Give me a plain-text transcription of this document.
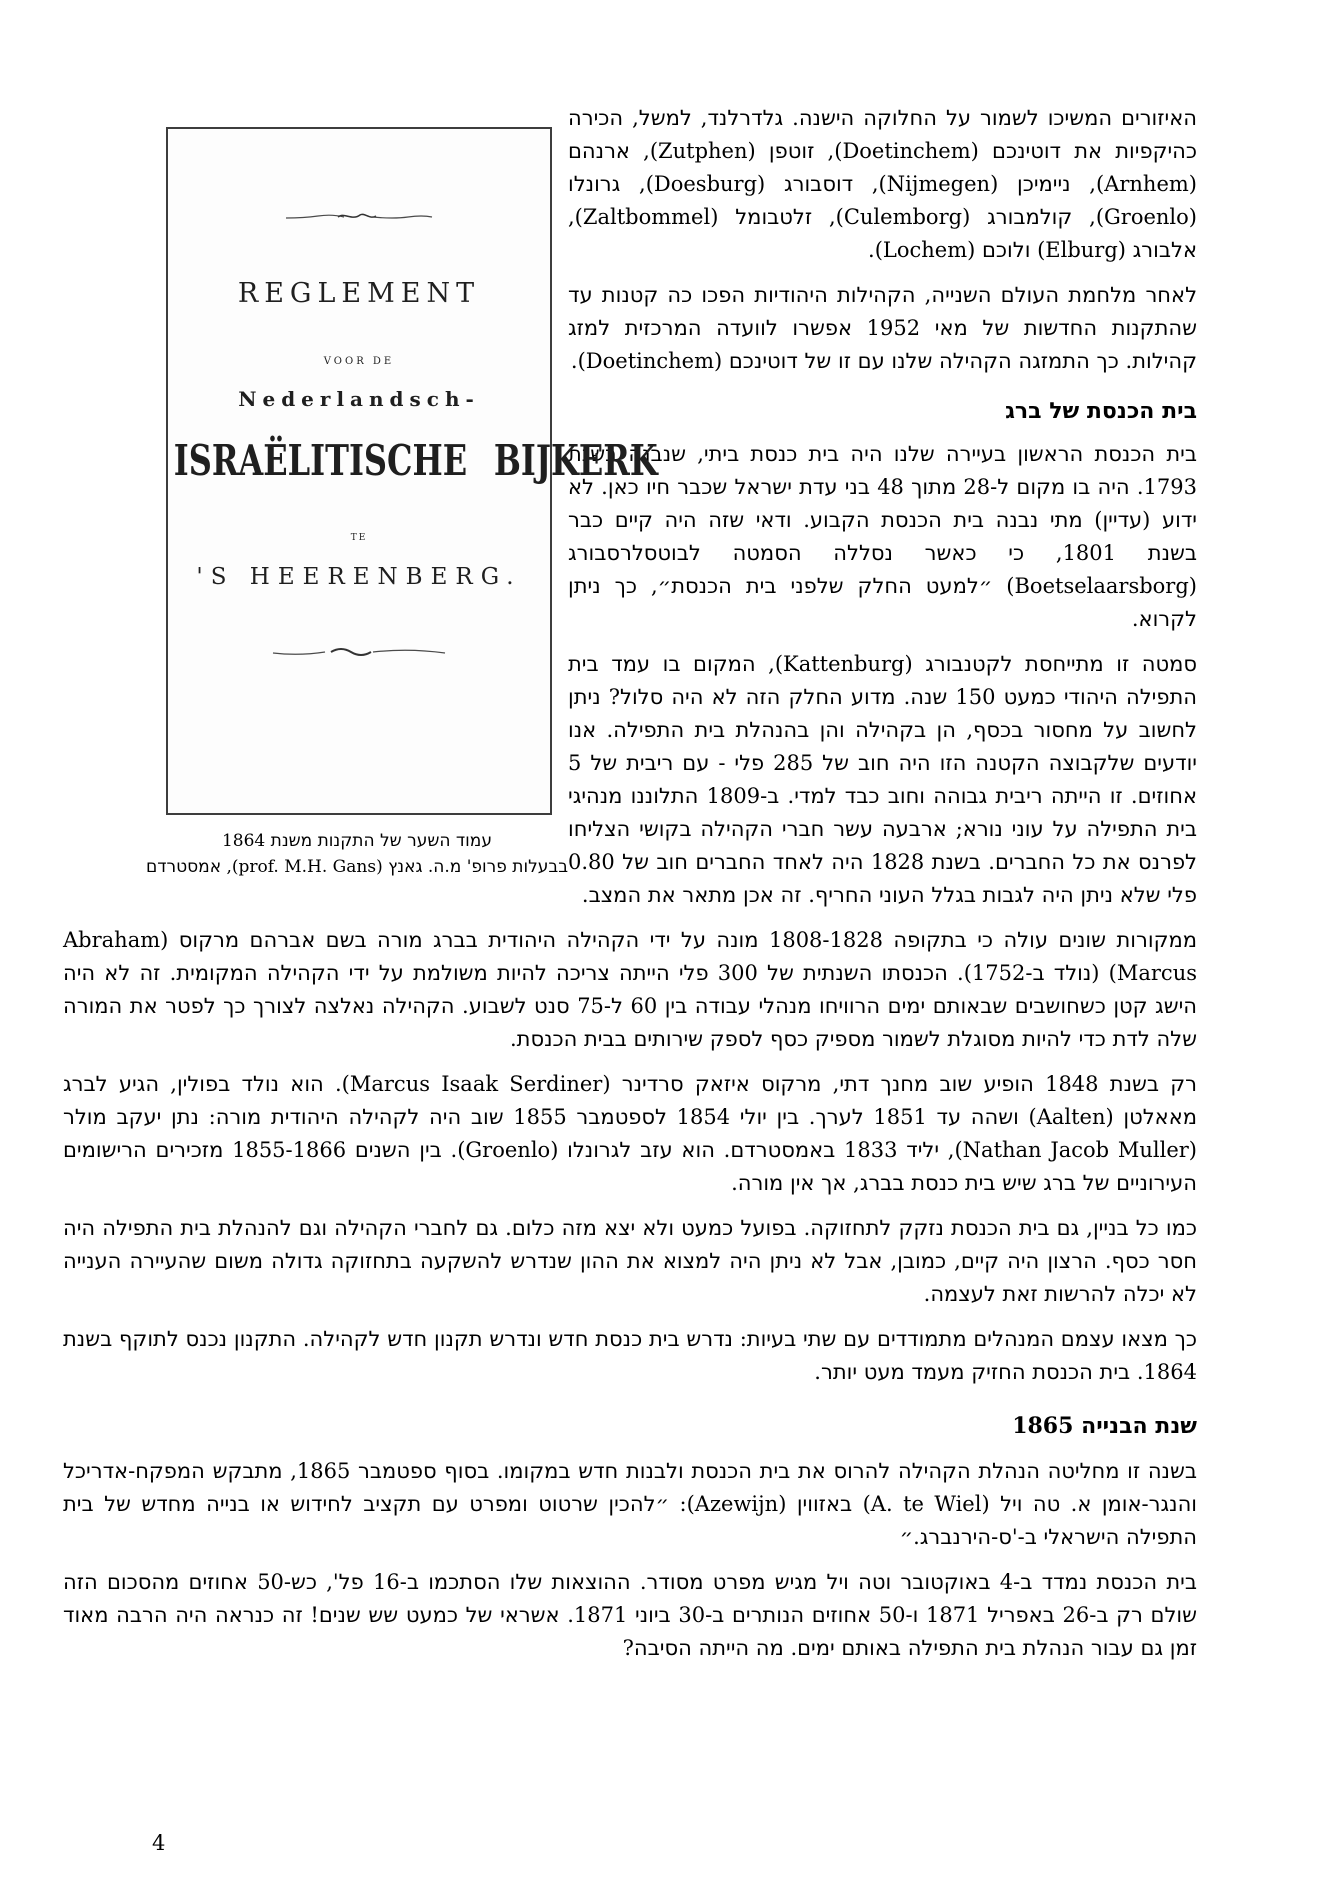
REGLEMENT
VOOR DE
Nederlandsch-
ISRAËLITISCHE BIJKERK
TE
'S HEERENBERG.
עמוד השער של התקנות משנת 1864
בבעלות פרופ' מ.ה. גאנץ (prof. M.H. Gans), אמסטרדם

האיזורים המשיכו לשמור על החלוקה הישנה. גלדרלנד, למשל, הכירה כהיקפיות את דוטינכם (Doetinchem), זוטפן (Zutphen), ארנהם (Arnhem), ניימיכן (Nijmegen), דוסבורג (Doesburg), גרונלו (Groenlo), קולמבורג (Culemborg), זלטבומל (Zaltbommel), אלבורג (Elburg) ולוכם (Lochem).

לאחר מלחמת העולם השנייה, הקהילות היהודיות הפכו כה קטנות עד שהתקנות החדשות של מאי 1952 אפשרו לוועדה המרכזית למזג קהילות. כך התמזגה הקהילה שלנו עם זו של דוטינכם (Doetinchem).

בית הכנסת של ברג

בית הכנסת הראשון בעיירה שלנו היה בית כנסת ביתי, שנבנה בשנת 1793. היה בו מקום ל-28 מתוך 48 בני עדת ישראל שכבר חיו כאן. לא ידוע (עדיין) מתי נבנה בית הכנסת הקבוע. ודאי שזה היה קיים כבר בשנת 1801, כי כאשר נסללה הסמטה לבוטסלרסבורג (Boetselaarsborg) ״למעט החלק שלפני בית הכנסת״, כך ניתן לקרוא.

סמטה זו מתייחסת לקטנבורג (Kattenburg), המקום בו עמד בית התפילה היהודי כמעט 150 שנה. מדוע החלק הזה לא היה סלול? ניתן לחשוב על מחסור בכסף, הן בקהילה והן בהנהלת בית התפילה. אנו יודעים שלקבוצה הקטנה הזו היה חוב של 285 פלי - עם ריבית של 5 אחוזים. זו הייתה ריבית גבוהה וחוב כבד למדי. ב-1809 התלוננו מנהיגי בית התפילה על עוני נורא; ארבעה עשר חברי הקהילה בקושי הצליחו לפרנס את כל החברים. בשנת 1828 היה לאחד החברים חוב של 0.80 פלי שלא ניתן היה לגבות בגלל העוני החריף. זה אכן מתאר את המצב.

ממקורות שונים עולה כי בתקופה 1808-1828 מונה על ידי הקהילה היהודית בברג מורה בשם אברהם מרקוס (Abraham Marcus) (נולד ב-1752). הכנסתו השנתית של 300 פלי הייתה צריכה להיות משולמת על ידי הקהילה המקומית. זה לא היה הישג קטן כשחושבים שבאותם ימים הרוויחו מנהלי עבודה בין 60 ל-75 סנט לשבוע. הקהילה נאלצה לצורך כך לפטר את המורה שלה לדת כדי להיות מסוגלת לשמור מספיק כסף לספק שירותים בבית הכנסת.

רק בשנת 1848 הופיע שוב מחנך דתי, מרקוס איזאק סרדינר (Marcus Isaak Serdiner). הוא נולד בפולין, הגיע לברג מאאלטן (Aalten) ושהה עד 1851 לערך. בין יולי 1854 לספטמבר 1855 שוב היה לקהילה היהודית מורה: נתן יעקב מולר (Nathan Jacob Muller), יליד 1833 באמסטרדם. הוא עזב לגרונלו (Groenlo). בין השנים 1855-1866 מזכירים הרישומים העירוניים של ברג שיש בית כנסת בברג, אך אין מורה.

כמו כל בניין, גם בית הכנסת נזקק לתחזוקה. בפועל כמעט ולא יצא מזה כלום. גם לחברי הקהילה וגם להנהלת בית התפילה היה חסר כסף. הרצון היה קיים, כמובן, אבל לא ניתן היה למצוא את ההון שנדרש להשקעה בתחזוקה גדולה משום שהעיירה הענייה לא יכלה להרשות זאת לעצמה.

כך מצאו עצמם המנהלים מתמודדים עם שתי בעיות: נדרש בית כנסת חדש ונדרש תקנון חדש לקהילה. התקנון נכנס לתוקף בשנת 1864. בית הכנסת החזיק מעמד מעט יותר.

שנת הבנייה 1865

בשנה זו מחליטה הנהלת הקהילה להרוס את בית הכנסת ולבנות חדש במקומו. בסוף ספטמבר 1865, מתבקש המפקח-אדריכל והנגר-אומן א. טה ויל (A. te Wiel) באזווין (Azewijn): ״להכין שרטוט ומפרט עם תקציב לחידוש או בנייה מחדש של בית התפילה הישראלי ב-'ס-הירנברג.״

בית הכנסת נמדד ב-4 באוקטובר וטה ויל מגיש מפרט מסודר. ההוצאות שלו הסתכמו ב-16 פל', כש-50 אחוזים מהסכום הזה שולם רק ב-26 באפריל 1871 ו-50 אחוזים הנותרים ב-30 ביוני 1871. אשראי של כמעט שש שנים! זה כנראה היה הרבה מאוד זמן גם עבור הנהלת בית התפילה באותם ימים. מה הייתה הסיבה?

4
